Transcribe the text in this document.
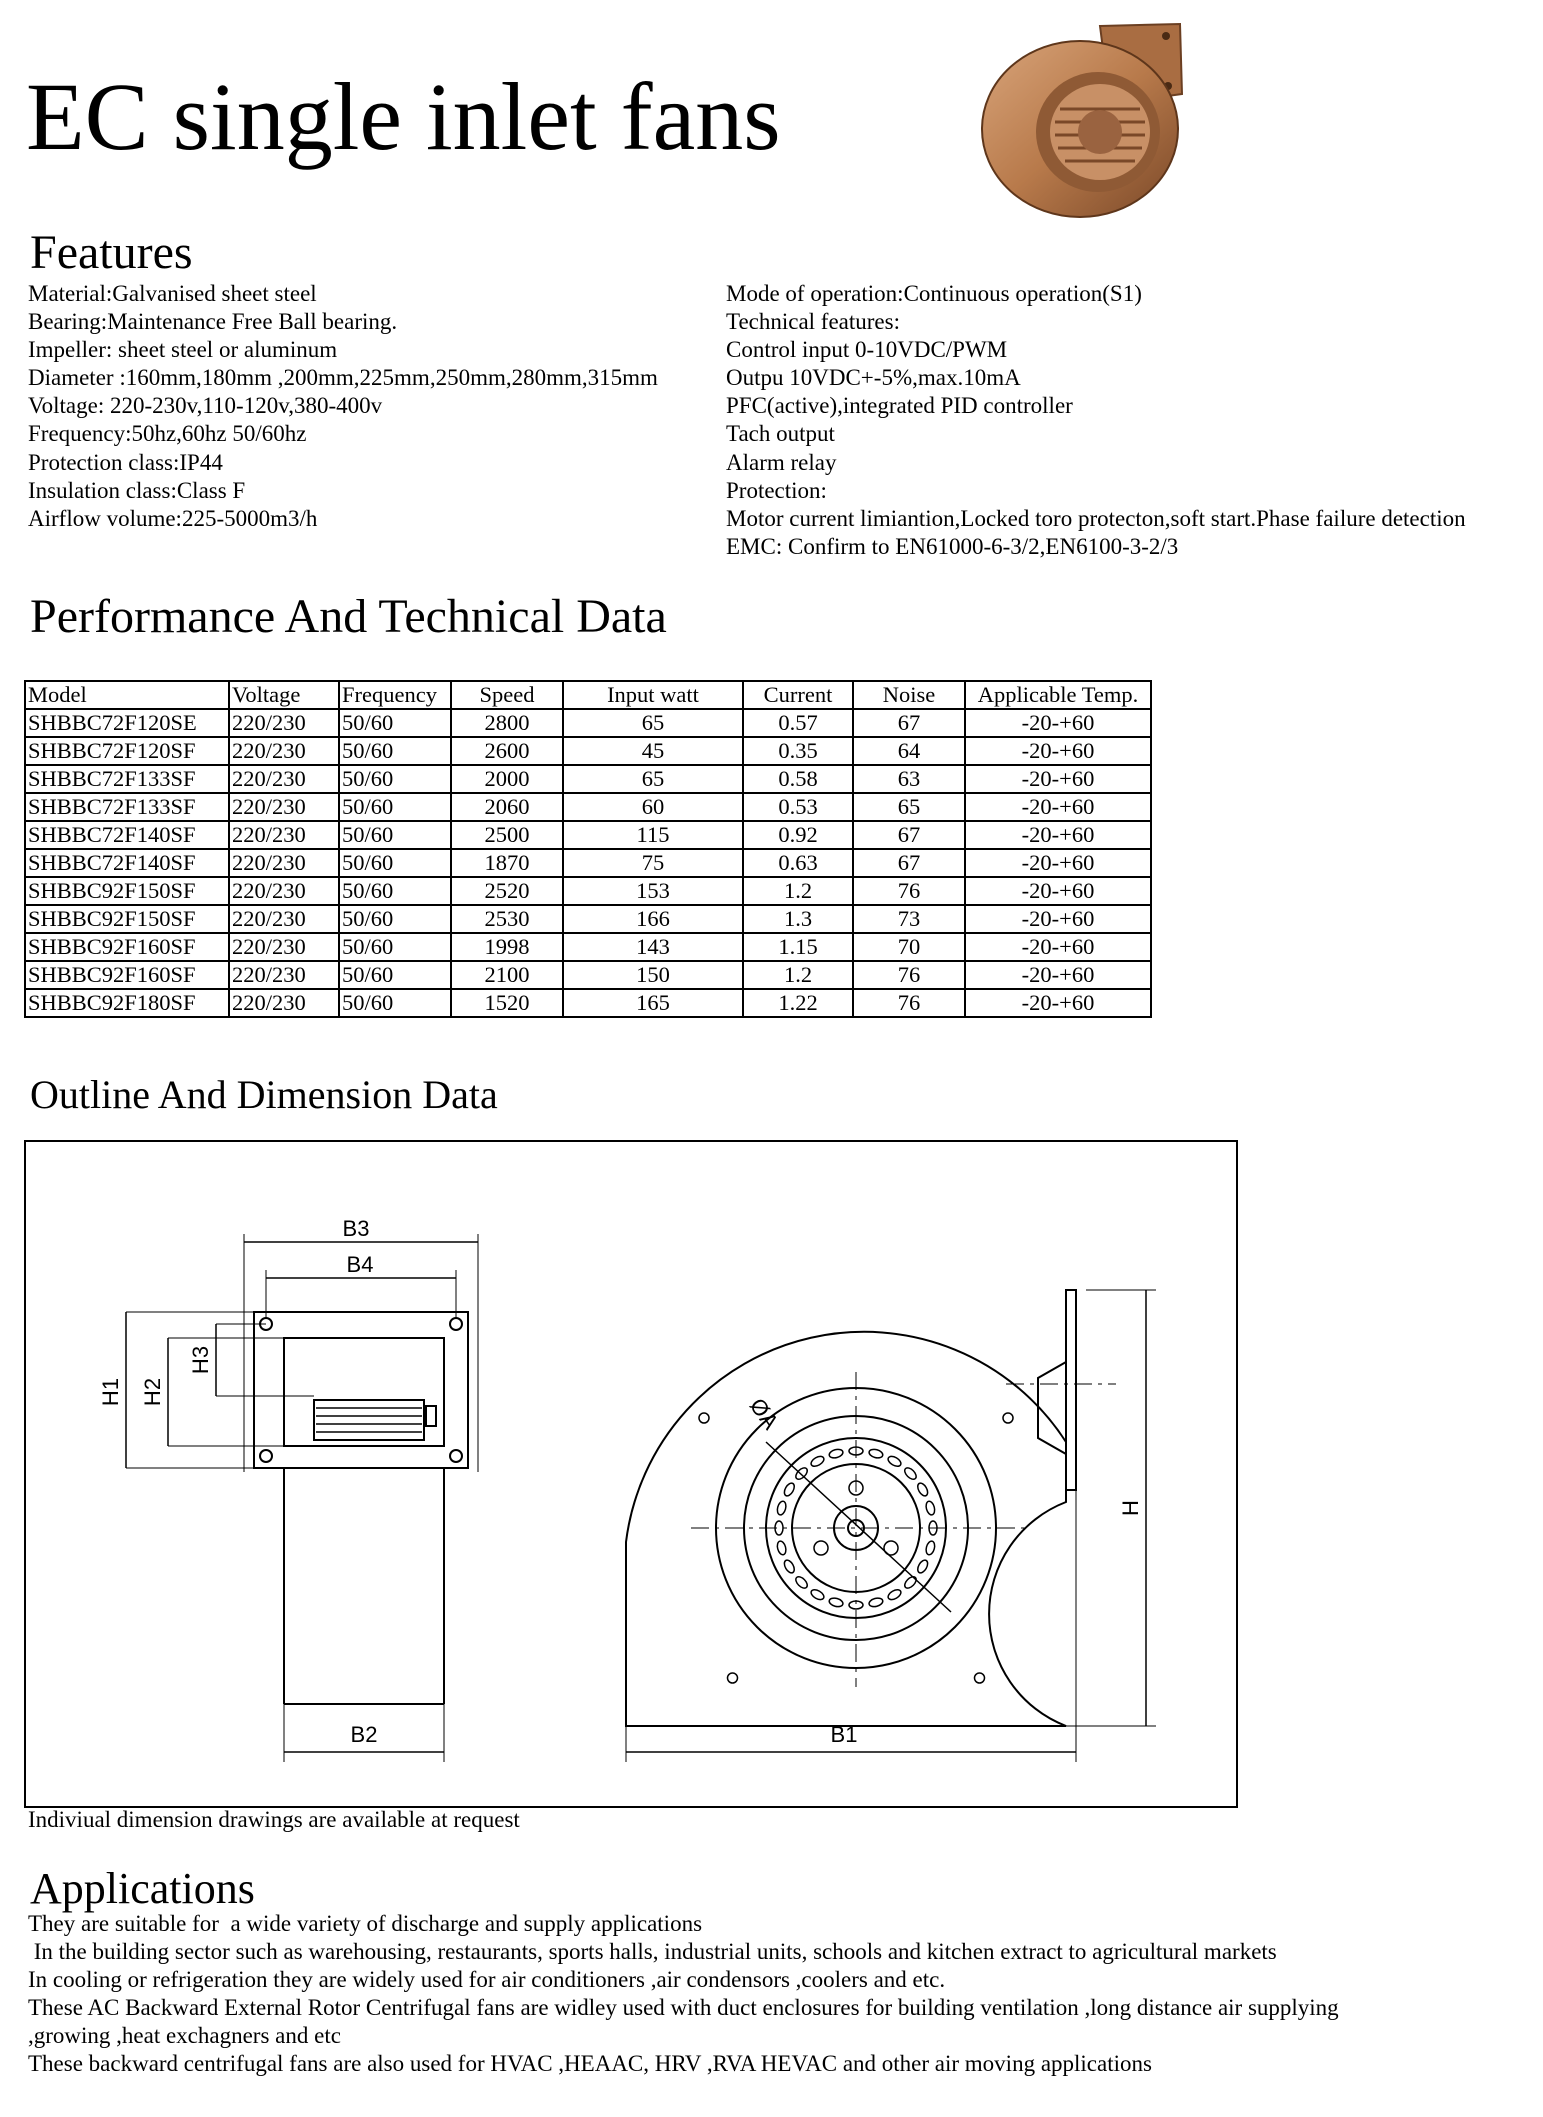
EC single inlet fans
Features
Material:Galvanised sheet steel
Bearing:Maintenance Free Ball bearing.
Impeller: sheet steel or aluminum
Diameter :160mm,180mm ,200mm,225mm,250mm,280mm,315mm
Voltage: 220-230v,110-120v,380-400v
Frequency:50hz,60hz 50/60hz
Protection class:IP44
Insulation class:Class F
Airflow volume:225-5000m3/h
Mode of operation:Continuous operation(S1)
Technical features:
Control input 0-10VDC/PWM
Outpu 10VDC+-5%,max.10mA
PFC(active),integrated PID controller
Tach output
Alarm relay
Protection:
Motor current limiantion,Locked toro protecton,soft start.Phase failure detection
EMC: Confirm to EN61000-6-3/2,EN6100-3-2/3
Performance And Technical Data
Model	Voltage	Frequency	Speed	Input watt	Current	Noise	Applicable Temp.
SHBBC72F120SE	220/230	50/60	2800	65	0.57	67	-20-+60
SHBBC72F120SF	220/230	50/60	2600	45	0.35	64	-20-+60
SHBBC72F133SF	220/230	50/60	2000	65	0.58	63	-20-+60
SHBBC72F133SF	220/230	50/60	2060	60	0.53	65	-20-+60
SHBBC72F140SF	220/230	50/60	2500	115	0.92	67	-20-+60
SHBBC72F140SF	220/230	50/60	1870	75	0.63	67	-20-+60
SHBBC92F150SF	220/230	50/60	2520	153	1.2	76	-20-+60
SHBBC92F150SF	220/230	50/60	2530	166	1.3	73	-20-+60
SHBBC92F160SF	220/230	50/60	1998	143	1.15	70	-20-+60
SHBBC92F160SF	220/230	50/60	2100	150	1.2	76	-20-+60
SHBBC92F180SF	220/230	50/60	1520	165	1.22	76	-20-+60
Outline And Dimension Data
B3
B4
B2	B1
H1 H2
H3
H
ØA
Indiviual dimension drawings are available at request
Applications
They are suitable for  a wide variety of discharge and supply applications
In the building sector such as warehousing, restaurants, sports halls, industrial units, schools and kitchen extract to agricultural markets
In cooling or refrigeration they are widely used for air conditioners ,air condensors ,coolers and etc.
These AC Backward External Rotor Centrifugal fans are widley used with duct enclosures for building ventilation ,long distance air supplying
,growing ,heat exchagners and etc
These backward centrifugal fans are also used for HVAC ,HEAAC, HRV ,RVA HEVAC and other air moving applications
